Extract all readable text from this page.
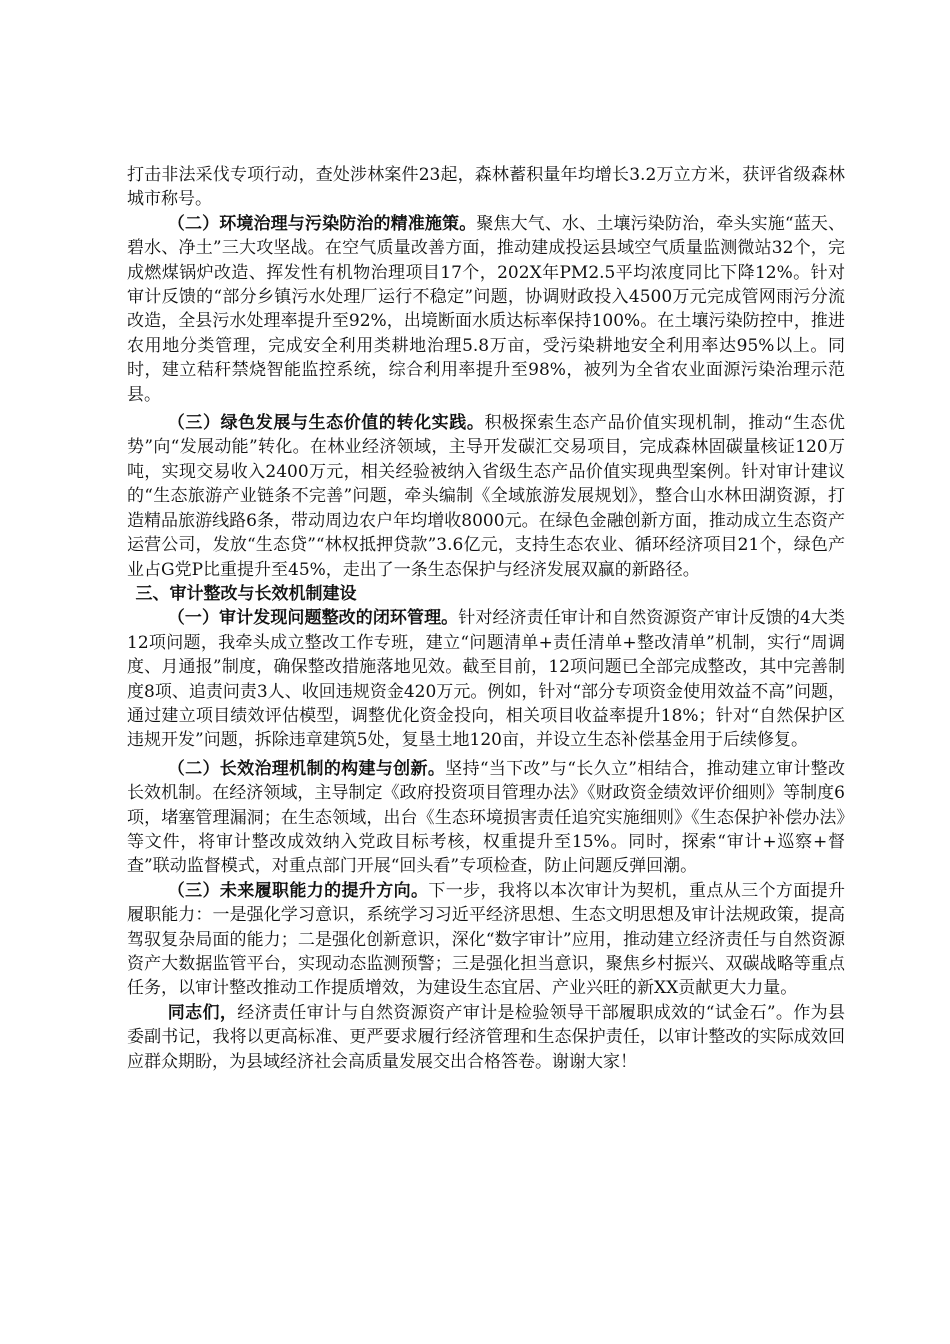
打击非法采伐专项行动，查处涉林案件23起，森林蓄积量年均增长3.2万立方米，获评省级森林城市称号。

（二）环境治理与污染防治的精准施策。聚焦大气、水、土壤污染防治，牵头实施“蓝天、碧水、净土”三大攻坚战。在空气质量改善方面，推动建成投运县域空气质量监测微站32个，完成燃煤锅炉改造、挥发性有机物治理项目17个，202X年PM2.5平均浓度同比下降12%。针对审计反馈的“部分乡镇污水处理厂运行不稳定”问题，协调财政投入4500万元完成管网雨污分流改造，全县污水处理率提升至92%，出境断面水质达标率保持100%。在土壤污染防控中，推进农用地分类管理，完成安全利用类耕地治理5.8万亩，受污染耕地安全利用率达95%以上。同时，建立秸秆禁烧智能监控系统，综合利用率提升至98%，被列为全省农业面源污染治理示范县。

（三）绿色发展与生态价值的转化实践。积极探索生态产品价值实现机制，推动“生态优势”向“发展动能”转化。在林业经济领域，主导开发碳汇交易项目，完成森林固碳量核证120万吨，实现交易收入2400万元，相关经验被纳入省级生态产品价值实现典型案例。针对审计建议的“生态旅游产业链条不完善”问题，牵头编制《全域旅游发展规划》，整合山水林田湖资源，打造精品旅游线路6条，带动周边农户年均增收8000元。在绿色金融创新方面，推动成立生态资产运营公司，发放“生态贷”“林权抵押贷款”3.6亿元，支持生态农业、循环经济项目21个，绿色产业占G党P比重提升至45%，走出了一条生态保护与经济发展双赢的新路径。

三、审计整改与长效机制建设

（一）审计发现问题整改的闭环管理。针对经济责任审计和自然资源资产审计反馈的4大类12项问题，我牵头成立整改工作专班，建立“问题清单+责任清单+整改清单”机制，实行“周调度、月通报”制度，确保整改措施落地见效。截至目前，12项问题已全部完成整改，其中完善制度8项、追责问责3人、收回违规资金420万元。例如，针对“部分专项资金使用效益不高”问题，通过建立项目绩效评估模型，调整优化资金投向，相关项目收益率提升18%；针对“自然保护区违规开发”问题，拆除违章建筑5处，复垦土地120亩，并设立生态补偿基金用于后续修复。

（二）长效治理机制的构建与创新。坚持“当下改”与“长久立”相结合，推动建立审计整改长效机制。在经济领域，主导制定《政府投资项目管理办法》《财政资金绩效评价细则》等制度6项，堵塞管理漏洞；在生态领域，出台《生态环境损害责任追究实施细则》《生态保护补偿办法》等文件，将审计整改成效纳入党政目标考核，权重提升至15%。同时，探索“审计+巡察+督查”联动监督模式，对重点部门开展“回头看”专项检查，防止问题反弹回潮。

（三）未来履职能力的提升方向。下一步，我将以本次审计为契机，重点从三个方面提升履职能力：一是强化学习意识，系统学习习近平经济思想、生态文明思想及审计法规政策，提高驾驭复杂局面的能力；二是强化创新意识，深化“数字审计”应用，推动建立经济责任与自然资源资产大数据监管平台，实现动态监测预警；三是强化担当意识，聚焦乡村振兴、双碳战略等重点任务，以审计整改推动工作提质增效，为建设生态宜居、产业兴旺的新XX贡献更大力量。

同志们，经济责任审计与自然资源资产审计是检验领导干部履职成效的“试金石”。作为县委副书记，我将以更高标准、更严要求履行经济管理和生态保护责任，以审计整改的实际成效回应群众期盼，为县域经济社会高质量发展交出合格答卷。谢谢大家！
